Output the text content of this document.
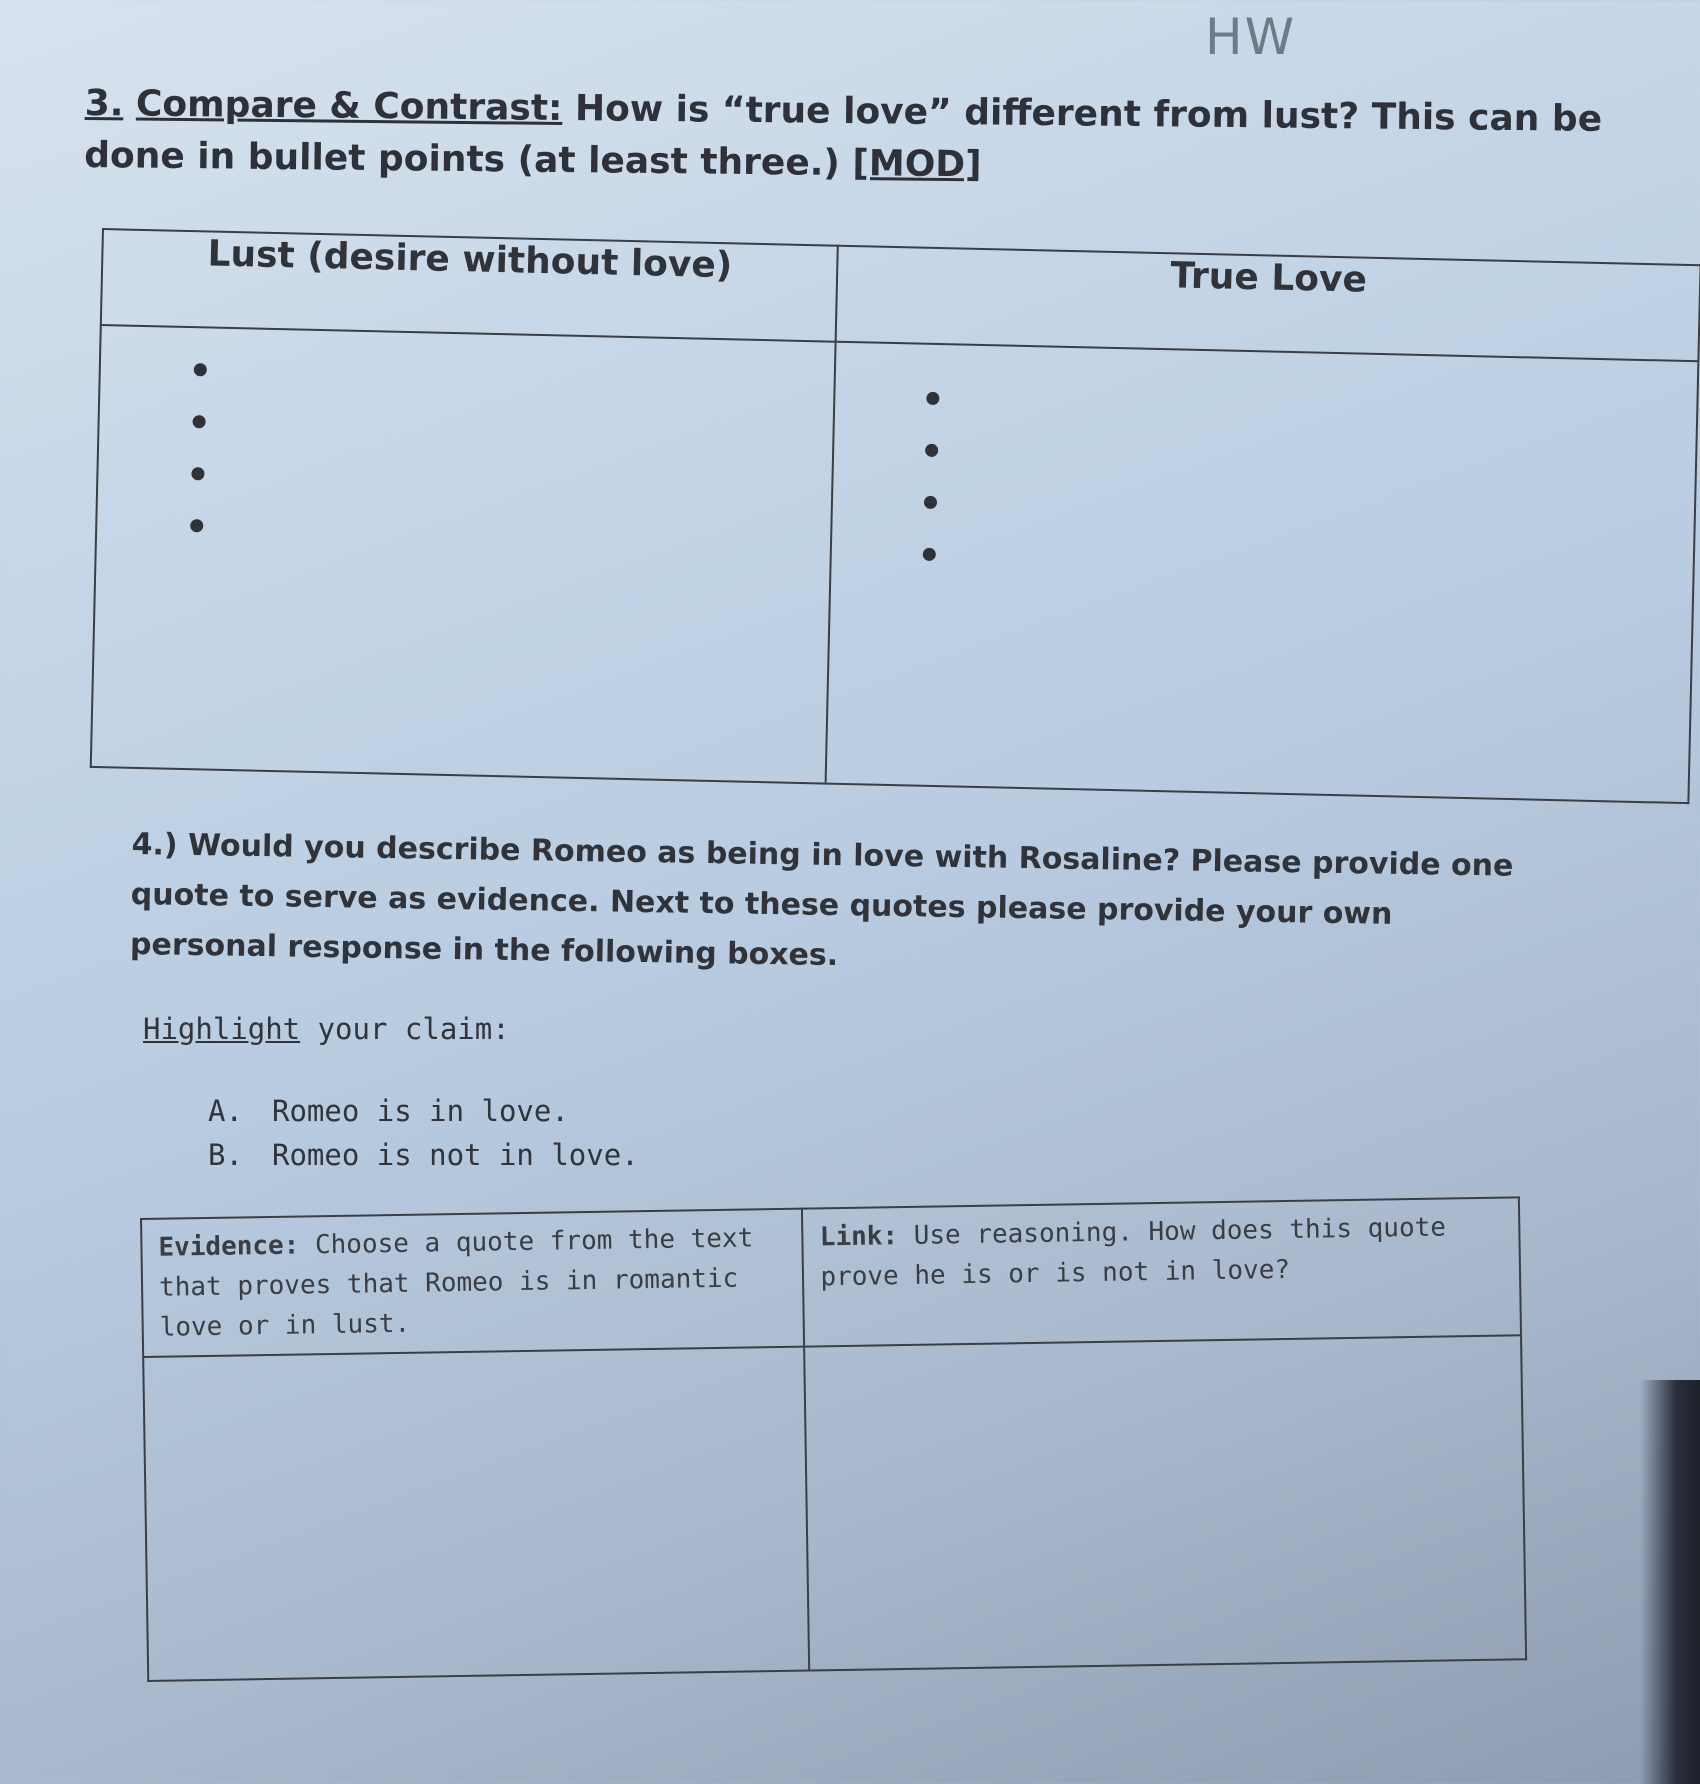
HW
3. Compare & Contrast: How is “true love” different from lust? This can be done in bullet points (at least three.) [MOD]
Lust (desire without love)	True Love

4.) Would you describe Romeo as being in love with Rosaline? Please provide one quote to serve as evidence. Next to these quotes please provide your own personal response in the following boxes.
Highlight your claim:
A. Romeo is in love.
B. Romeo is not in love.
Evidence: Choose a quote from the text that proves that Romeo is in romantic love or in lust.	Link: Use reasoning. How does this quote prove he is or is not in love?
